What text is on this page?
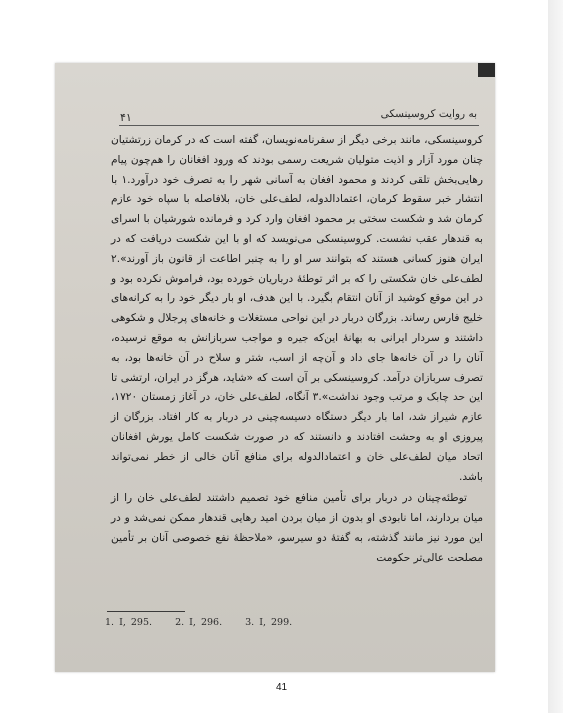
۴۱	به روایت کروسینسکی

کروسینسکی، مانند برخی دیگر از سفرنامه‌نویسان، گفته است که در کرمان زرتشتیان چنان مورد آزار و اذیت متولیان شریعت رسمی بودند که ورود افغانان را هم‌چون پیام رهایی‌بخش تلقی کردند و محمود افغان به آسانی شهر را به تصرف خود درآورد.۱ با انتشار خبر سقوط کرمان، اعتمادالدوله، لطف‌علی خان، بلافاصله با سپاه خود عازم کرمان شد و شکست سختی بر محمود افغان وارد کرد و فرمانده شورشیان با اسرای به قندهار عقب نشست. کروسینسکی می‌نویسد که او با این شکست دریافت که در ایران هنوز کسانی هستند که بتوانند سر او را به چنبر اطاعت از قانون باز آورند».۲ لطف‌علی خان شکستی را که بر اثر توطئهٔ درباریان خورده بود، فراموش نکرده بود و در این موقع کوشید از آنان انتقام بگیرد. با این هدف، او بار دیگر خود را به کرانه‌های خلیج فارس رساند. بزرگان دربار در این نواحی مستغلات و خانه‌های پرجلال و شکوهی داشتند و سردار ایرانی به بهانهٔ این‌که جیره و مواجب سربازانش به موقع نرسیده، آنان را در آن خانه‌ها جای داد و آن‌چه از اسب، شتر و سلاح در آن خانه‌ها بود، به تصرف سربازان درآمد. کروسینسکی بر آن است که «شاید، هرگز در ایران، ارتشی تا این حد چابک و مرتب وجود نداشت».۳ آنگاه، لطف‌علی خان، در آغاز زمستان ۱۷۲۰، عازم شیراز شد، اما بار دیگر دستگاه دسیسه‌چینی در دربار به کار افتاد. بزرگان از پیروزی او به وحشت افتادند و دانستند که در صورت شکست کامل یورش افغانان اتحاد میان لطف‌علی خان و اعتمادالدوله برای منافع آنان خالی از خطر نمی‌تواند باشد.

توطئه‌چینان در دربار برای تأمین منافع خود تصمیم داشتند لطف‌علی خان را از میان بردارند، اما نابودی او بدون از میان بردن امید رهایی قندهار ممکن نمی‌شد و در این مورد نیز مانند گذشته، به گفتهٔ دو سیرسو، «ملاحظهٔ نفع خصوصی آنان بر تأمین مصلحت عالی‌تر حکومت

1. I, 295. 2. I, 296. 3. I, 299.
41
